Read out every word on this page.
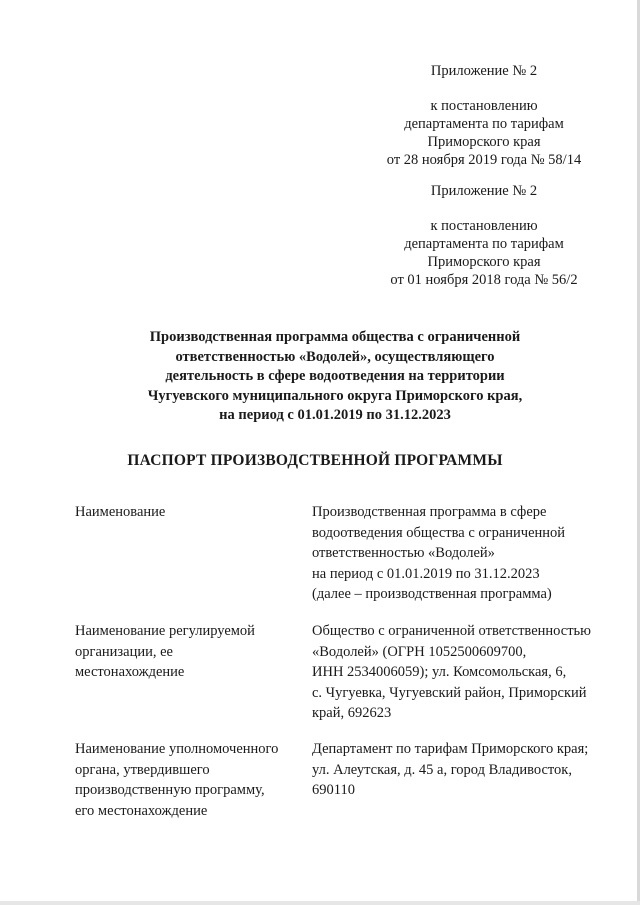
Приложение № 2
к постановлению
департамента по тарифам
Приморского края
от 28 ноября 2019 года № 58/14
Приложение № 2
к постановлению
департамента по тарифам
Приморского края
от 01 ноября 2018 года № 56/2
Производственная программа общества с ограниченной
ответственностью «Водолей», осуществляющего
деятельность в сфере водоотведения на территории
Чугуевского муниципального округа Приморского края,
на период с 01.01.2019 по 31.12.2023
ПАСПОРТ ПРОИЗВОДСТВЕННОЙ ПРОГРАММЫ
Наименование	Производственная программа в сфере
водоотведения общества с ограниченной
ответственностью «Водолей»
на период с 01.01.2019 по 31.12.2023
(далее – производственная программа)
Наименование регулируемой
организации, ее
местонахождение
Общество с ограниченной ответственностью
«Водолей» (ОГРН 1052500609700,
ИНН 2534006059); ул. Комсомольская, 6,
с. Чугуевка, Чугуевский район, Приморский
край, 692623
Наименование уполномоченного
органа, утвердившего
производственную программу,
его местонахождение
Департамент по тарифам Приморского края;
ул. Алеутская, д. 45 а, город Владивосток,
690110
